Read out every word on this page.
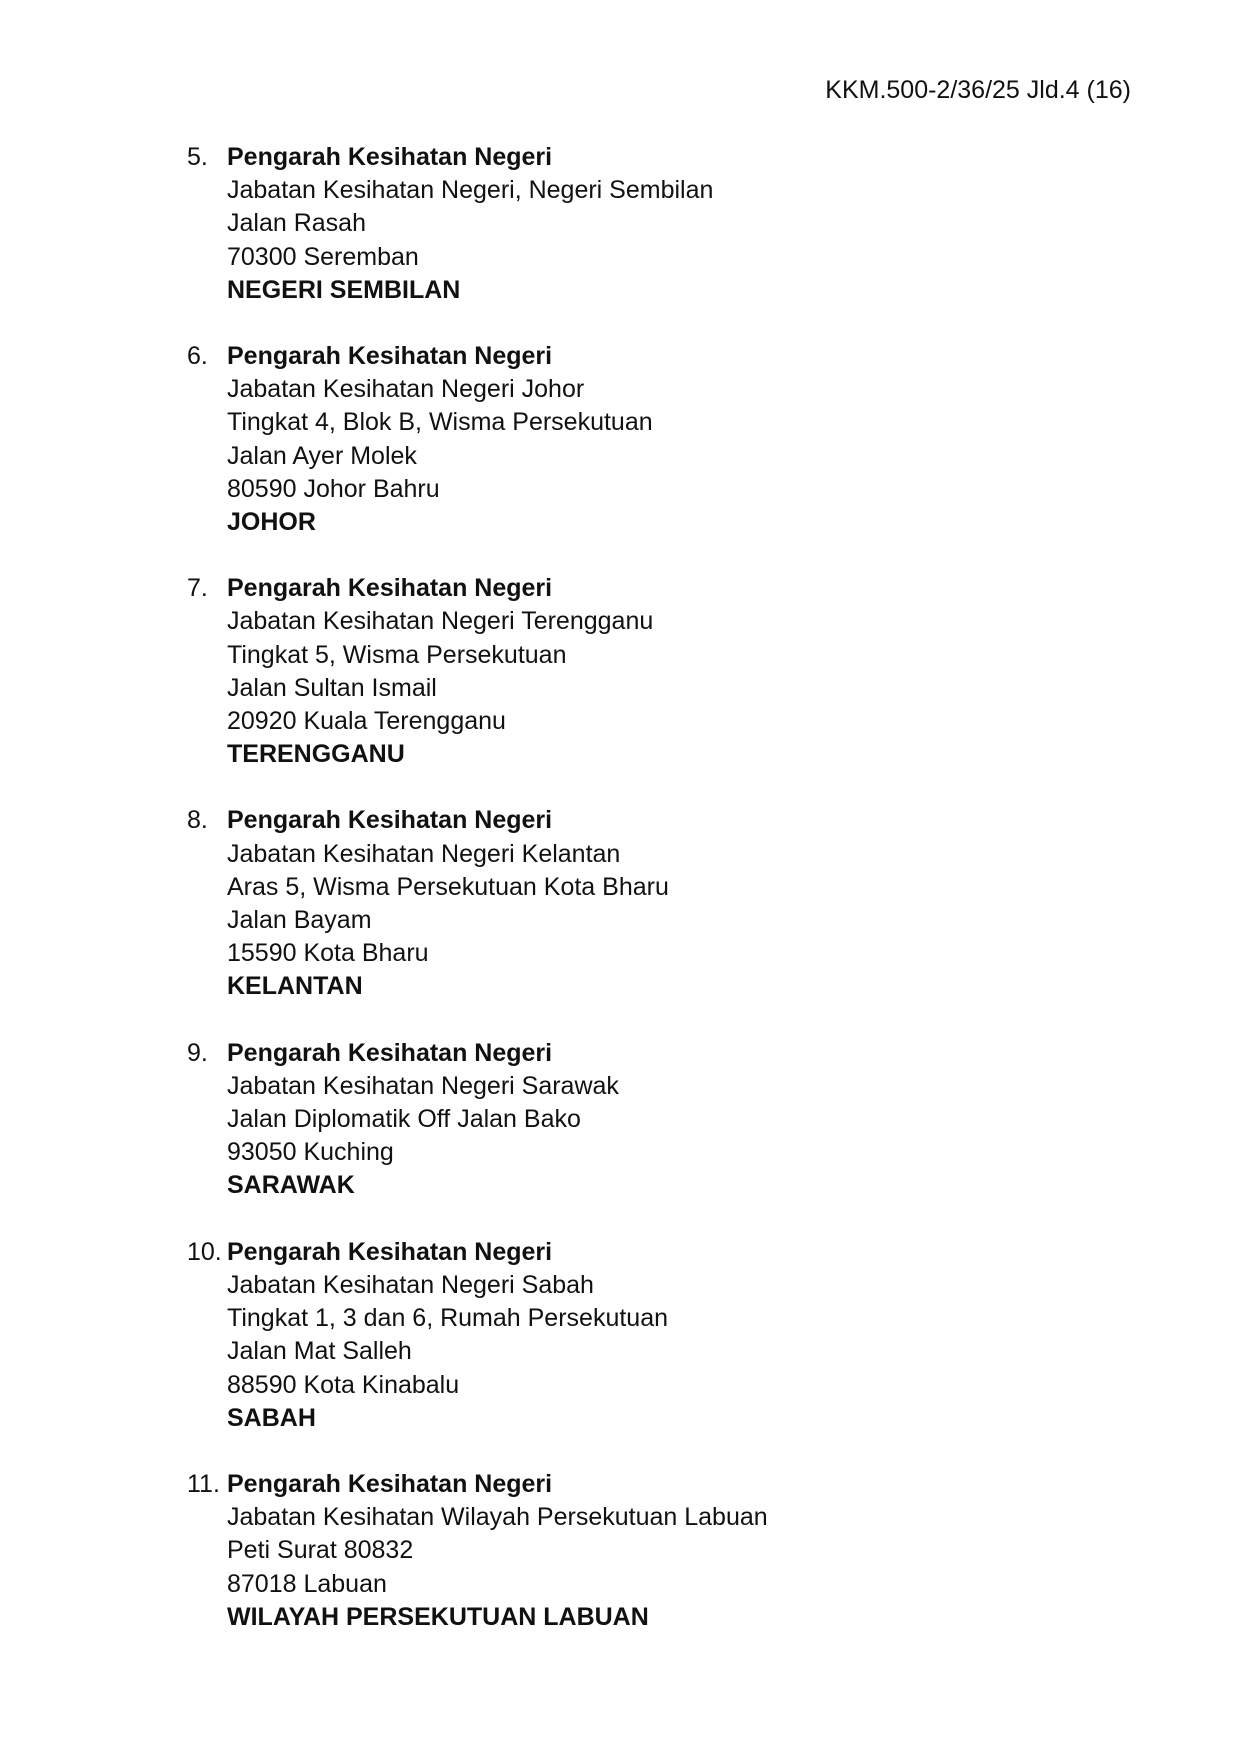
KKM.500-2/36/25 Jld.4 (16)
5. Pengarah Kesihatan Negeri
Jabatan Kesihatan Negeri, Negeri Sembilan
Jalan Rasah
70300 Seremban
NEGERI SEMBILAN
6. Pengarah Kesihatan Negeri
Jabatan Kesihatan Negeri Johor
Tingkat 4, Blok B, Wisma Persekutuan
Jalan Ayer Molek
80590 Johor Bahru
JOHOR
7. Pengarah Kesihatan Negeri
Jabatan Kesihatan Negeri Terengganu
Tingkat 5, Wisma Persekutuan
Jalan Sultan Ismail
20920 Kuala Terengganu
TERENGGANU
8. Pengarah Kesihatan Negeri
Jabatan Kesihatan Negeri Kelantan
Aras 5, Wisma Persekutuan Kota Bharu
Jalan Bayam
15590 Kota Bharu
KELANTAN
9. Pengarah Kesihatan Negeri
Jabatan Kesihatan Negeri Sarawak
Jalan Diplomatik Off Jalan Bako
93050 Kuching
SARAWAK
10. Pengarah Kesihatan Negeri
Jabatan Kesihatan Negeri Sabah
Tingkat 1, 3 dan 6, Rumah Persekutuan
Jalan Mat Salleh
88590 Kota Kinabalu
SABAH
11. Pengarah Kesihatan Negeri
Jabatan Kesihatan Wilayah Persekutuan Labuan
Peti Surat 80832
87018 Labuan
WILAYAH PERSEKUTUAN LABUAN
